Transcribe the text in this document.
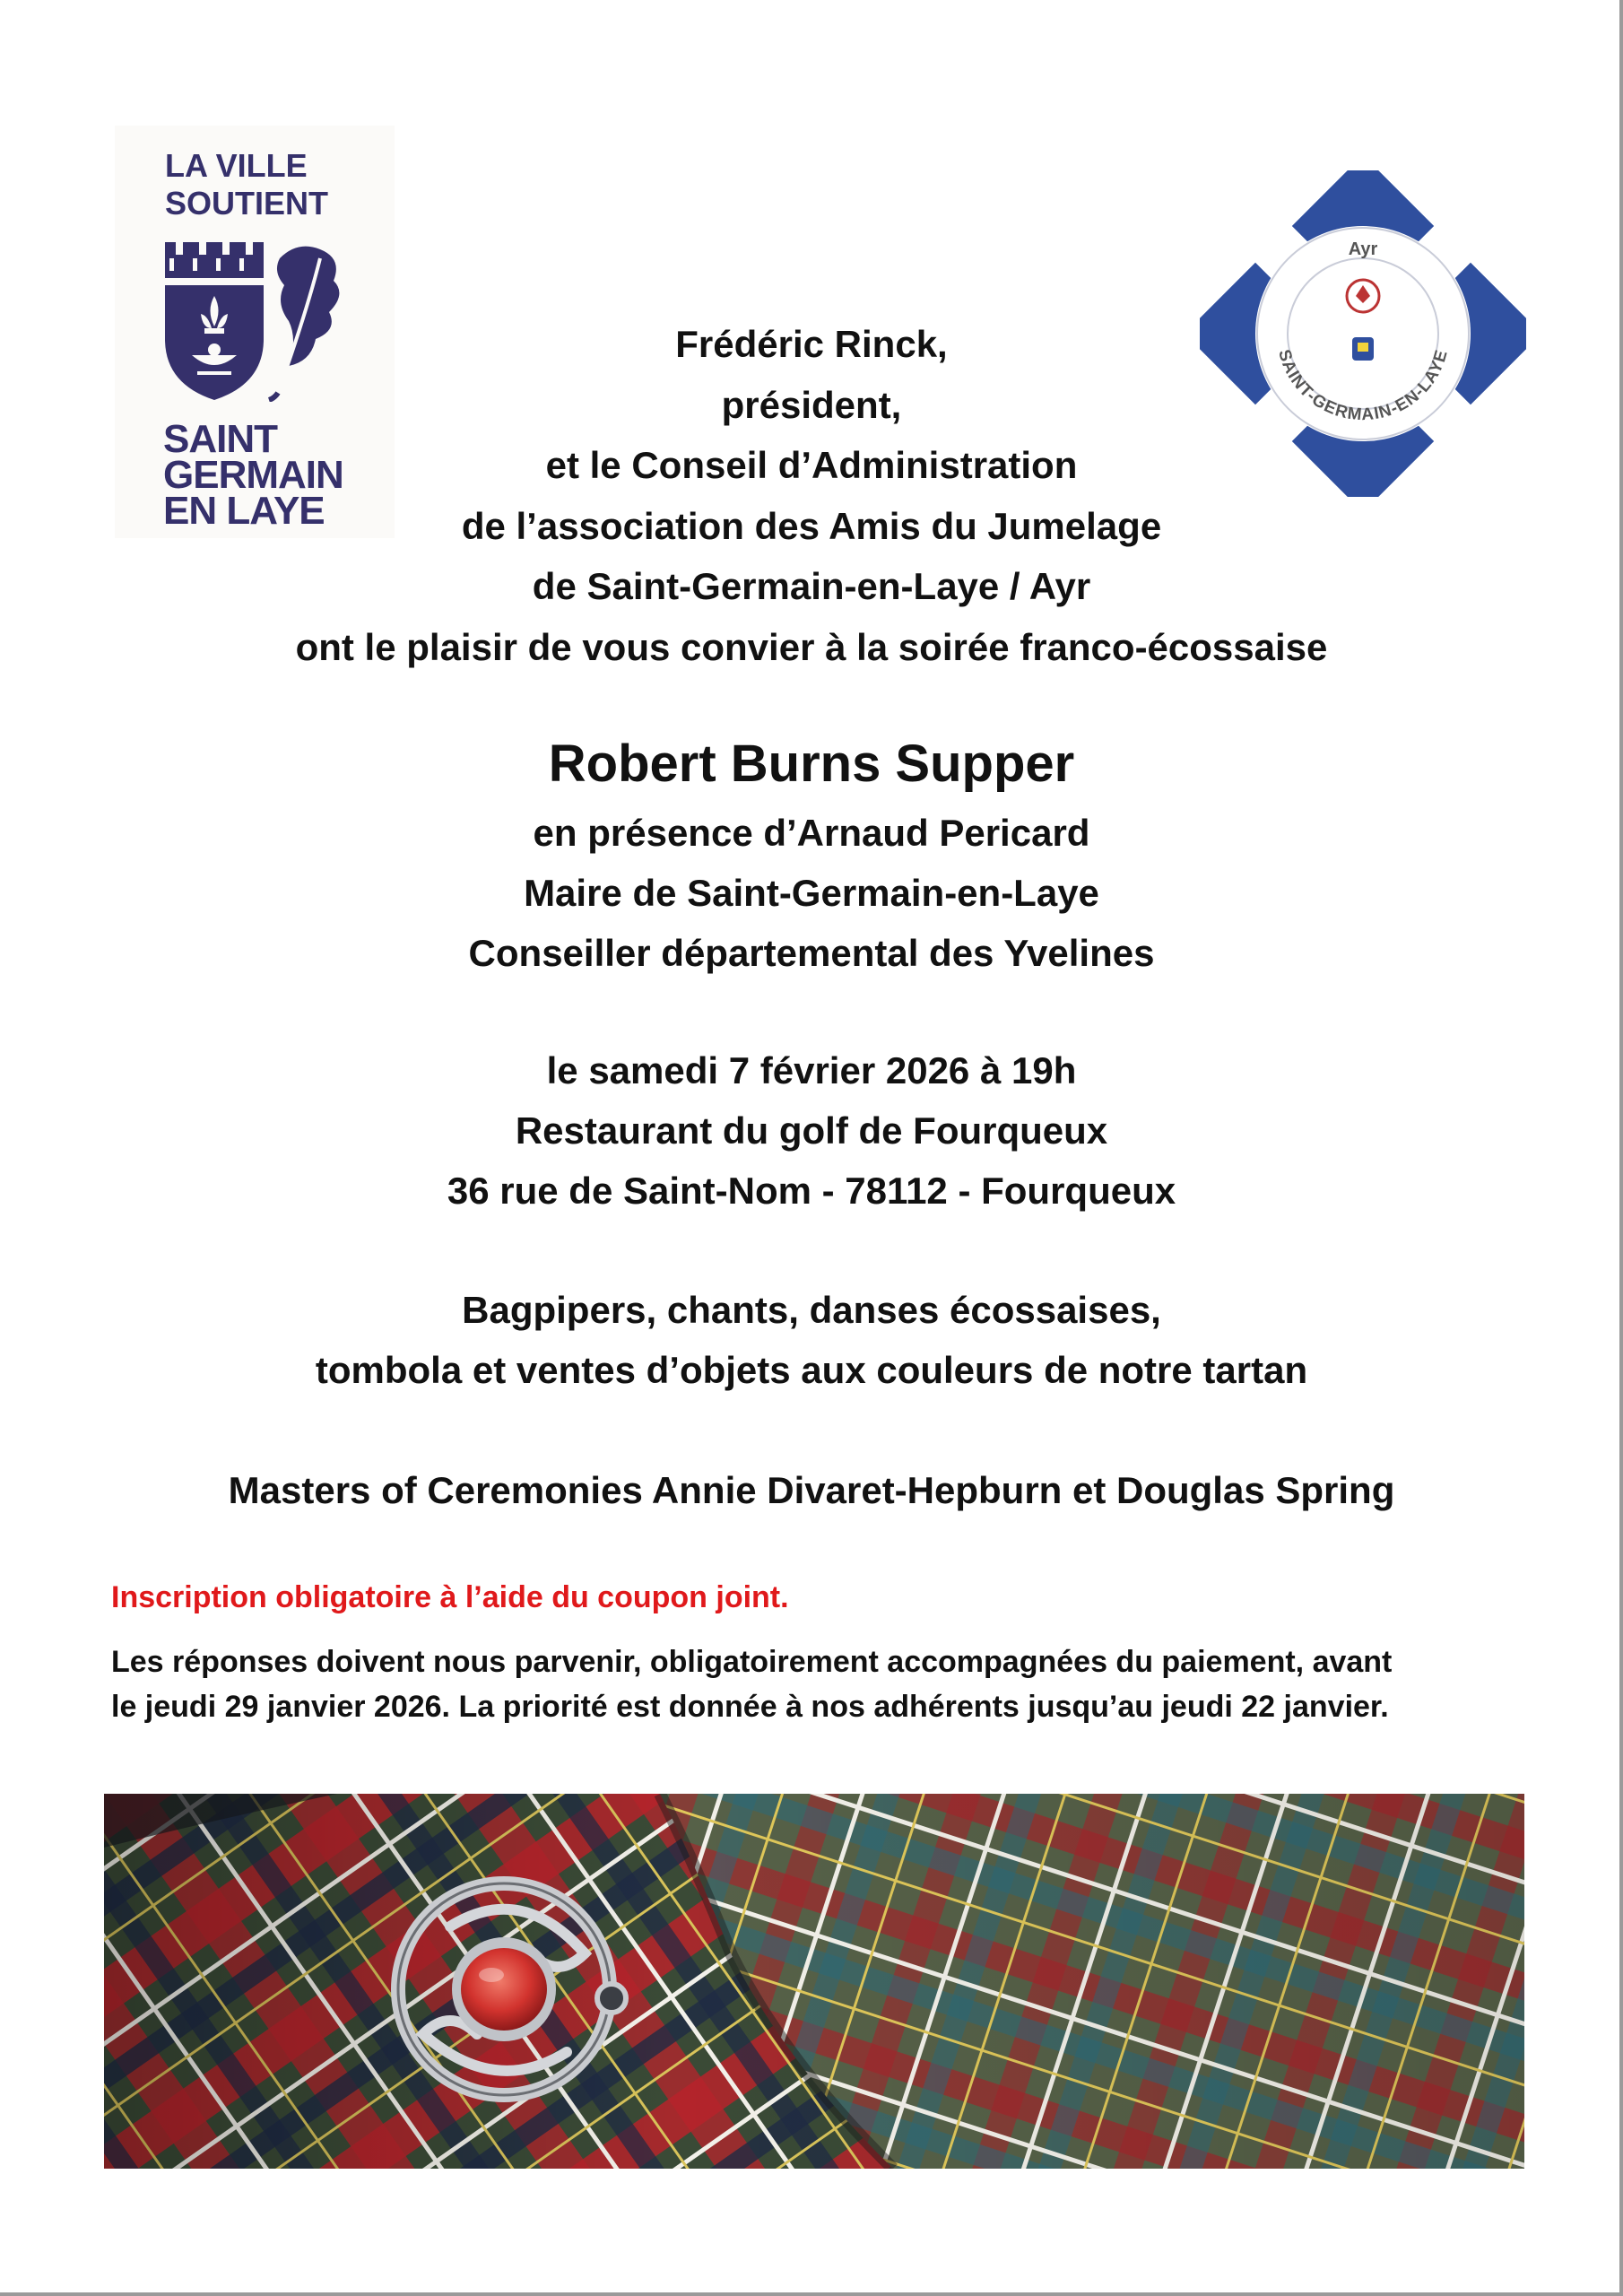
LA VILLE
SOUTIENT
SAINT
GERMAIN
EN LAYE
Ayr
SAINT-GERMAIN-EN-LAYE
Frédéric Rinck,
président,
et le Conseil d’Administration
de l’association des Amis du Jumelage
de Saint-Germain-en-Laye / Ayr
ont le plaisir de vous convier à la soirée franco-écossaise
Robert Burns Supper
en présence d’Arnaud Pericard
Maire de Saint-Germain-en-Laye
Conseiller départemental des Yvelines
le samedi 7 février 2026 à 19h
Restaurant du golf de Fourqueux
36 rue de Saint-Nom - 78112 - Fourqueux
Bagpipers, chants, danses écossaises,
tombola et ventes d’objets aux couleurs de notre tartan
Masters of Ceremonies Annie Divaret-Hepburn et Douglas Spring
Inscription obligatoire à l’aide du coupon joint.
Les réponses doivent nous parvenir, obligatoirement accompagnées du paiement, avant
le jeudi 29 janvier 2026. La priorité est donnée à nos adhérents jusqu’au jeudi 22 janvier.
